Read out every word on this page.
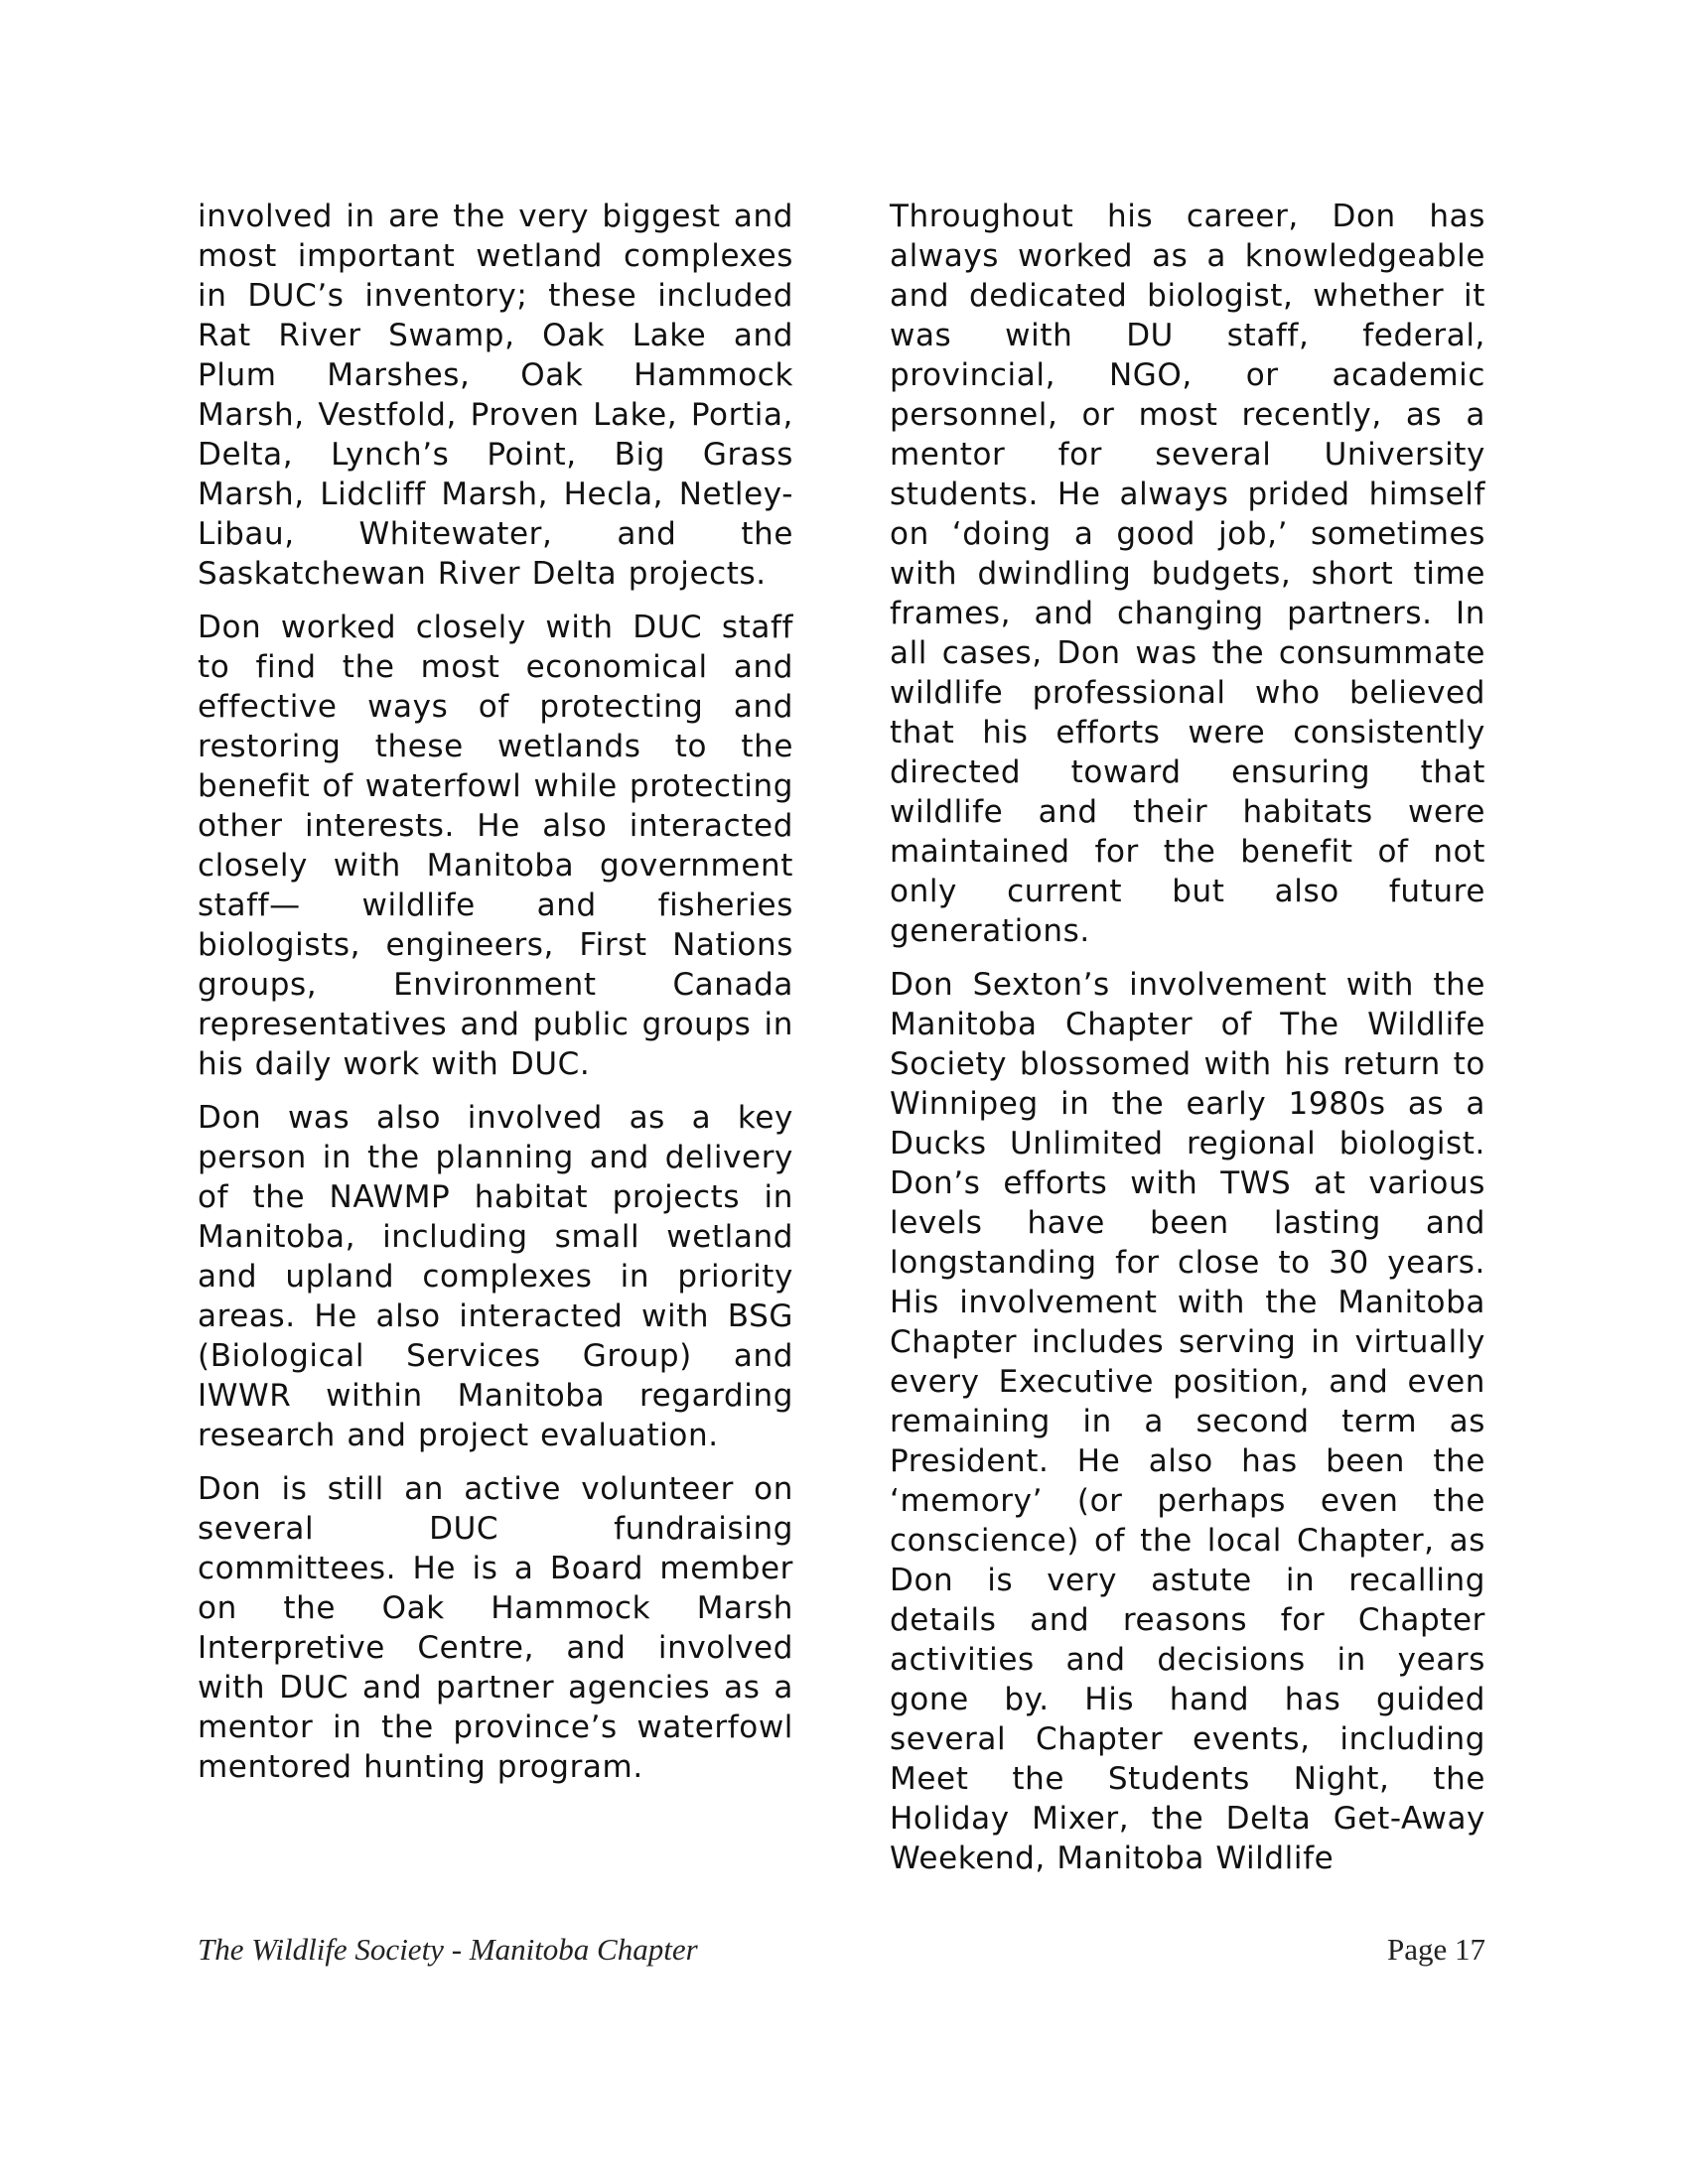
involved in are the very biggest and most important wetland complexes in DUC’s inventory; these included Rat River Swamp, Oak Lake and Plum Marshes, Oak Hammock Marsh, Vestfold, Proven Lake, Portia, Delta, Lynch’s Point, Big Grass Marsh, Lidcliff Marsh, Hecla, Netley-Libau, Whitewater, and the Saskatchewan River Delta projects.

Don worked closely with DUC staff to find the most economical and effective ways of protecting and restoring these wetlands to the benefit of waterfowl while protecting other interests. He also interacted closely with Manitoba government staff— wildlife and fisheries biologists, engineers, First Nations groups, Environment Canada representatives and public groups in his daily work with DUC.

Don was also involved as a key person in the planning and delivery of the NAWMP habitat projects in Manitoba, including small wetland and upland complexes in priority areas. He also interacted with BSG (Biological Services Group) and IWWR within Manitoba regarding research and project evaluation.

Don is still an active volunteer on several DUC fundraising committees. He is a Board member on the Oak Hammock Marsh Interpretive Centre, and involved with DUC and partner agencies as a mentor in the province’s waterfowl mentored hunting program.

Throughout his career, Don has always worked as a knowledgeable and dedicated biologist, whether it was with DU staff, federal, provincial, NGO, or academic personnel, or most recently, as a mentor for several University students. He always prided himself on ‘doing a good job,’ sometimes with dwindling budgets, short time frames, and changing partners. In all cases, Don was the consummate wildlife professional who believed that his efforts were consistently directed toward ensuring that wildlife and their habitats were maintained for the benefit of not only current but also future generations.

Don Sexton’s involvement with the Manitoba Chapter of The Wildlife Society blossomed with his return to Winnipeg in the early 1980s as a Ducks Unlimited regional biologist. Don’s efforts with TWS at various levels have been lasting and longstanding for close to 30 years. His involvement with the Manitoba Chapter includes serving in virtually every Executive position, and even remaining in a second term as President. He also has been the ‘memory’ (or perhaps even the conscience) of the local Chapter, as Don is very astute in recalling details and reasons for Chapter activities and decisions in years gone by. His hand has guided several Chapter events, including Meet the Students Night, the Holiday Mixer, the Delta Get-Away Weekend, Manitoba Wildlife

The Wildlife Society - Manitoba Chapter	Page 17
